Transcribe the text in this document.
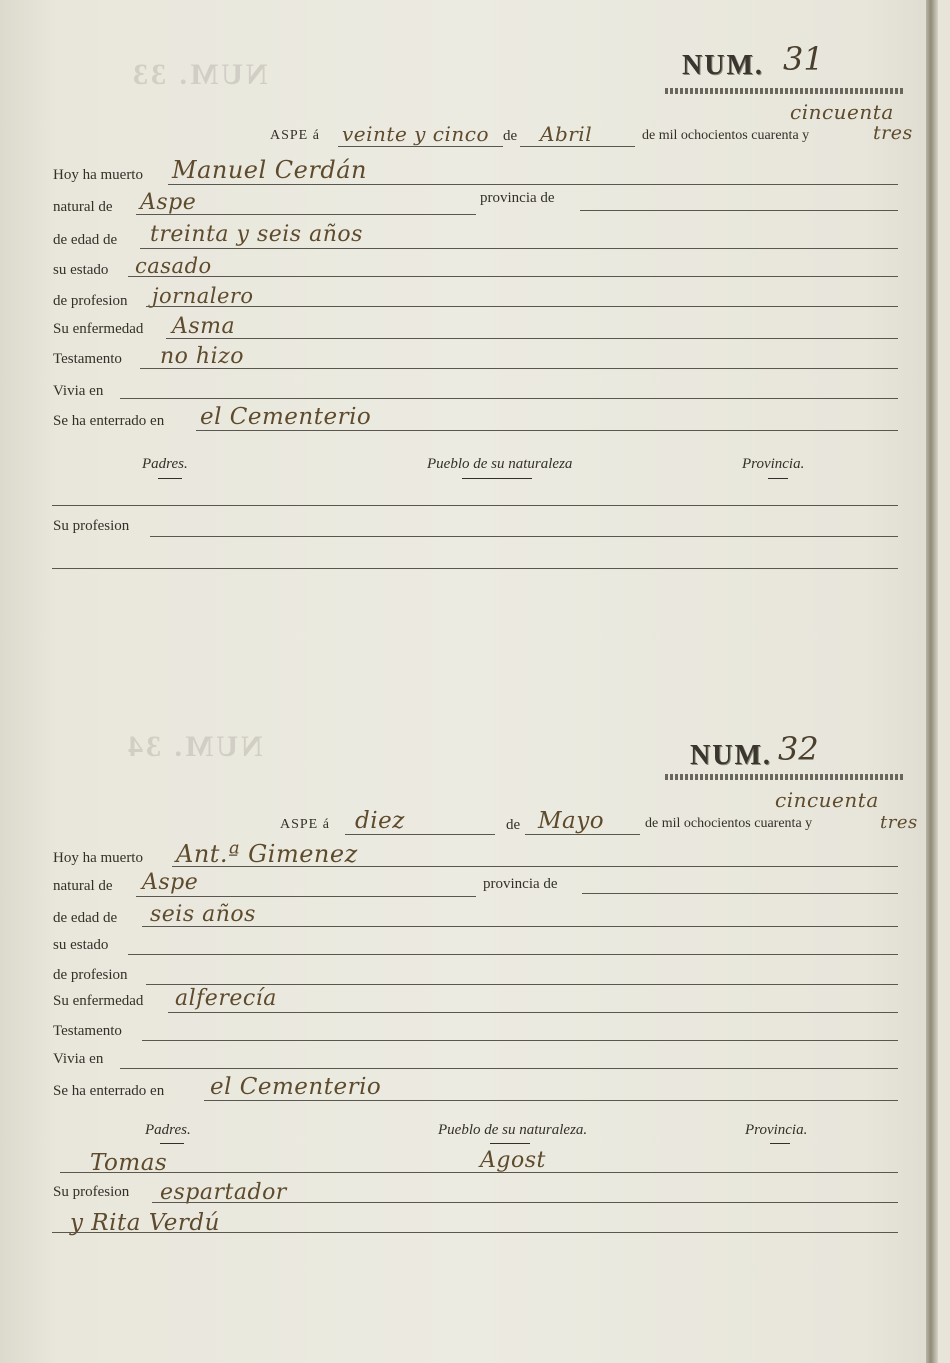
NUM. 33
NUM. 34
NUM. 31
cincuenta
ASPE á veinte y cinco de Abril	de mil ochocientos cuarenta y	tres
Hoy ha muerto Manuel Cerdán
natural de Aspe	provincia de
de edad de treinta y seis años
su estado casado
de profesion jornalero
Su enfermedad Asma
Testamento no hizo
Vivia en
Se ha enterrado en el Cementerio
Padres.	Pueblo de su naturaleza	Provincia.
Su profesion
NUM. 32
cincuenta
ASPE á diez	de Mayo	de mil ochocientos cuarenta y	tres
Hoy ha muerto Ant.ª Gimenez
natural de Aspe	provincia de
de edad de seis años
su estado
de profesion
Su enfermedad alferecía
Testamento
Vivia en
Se ha enterrado en el Cementerio
Padres.	Pueblo de su naturaleza.	Provincia.
Tomas	Agost
Su profesion espartador
y Rita Verdú
